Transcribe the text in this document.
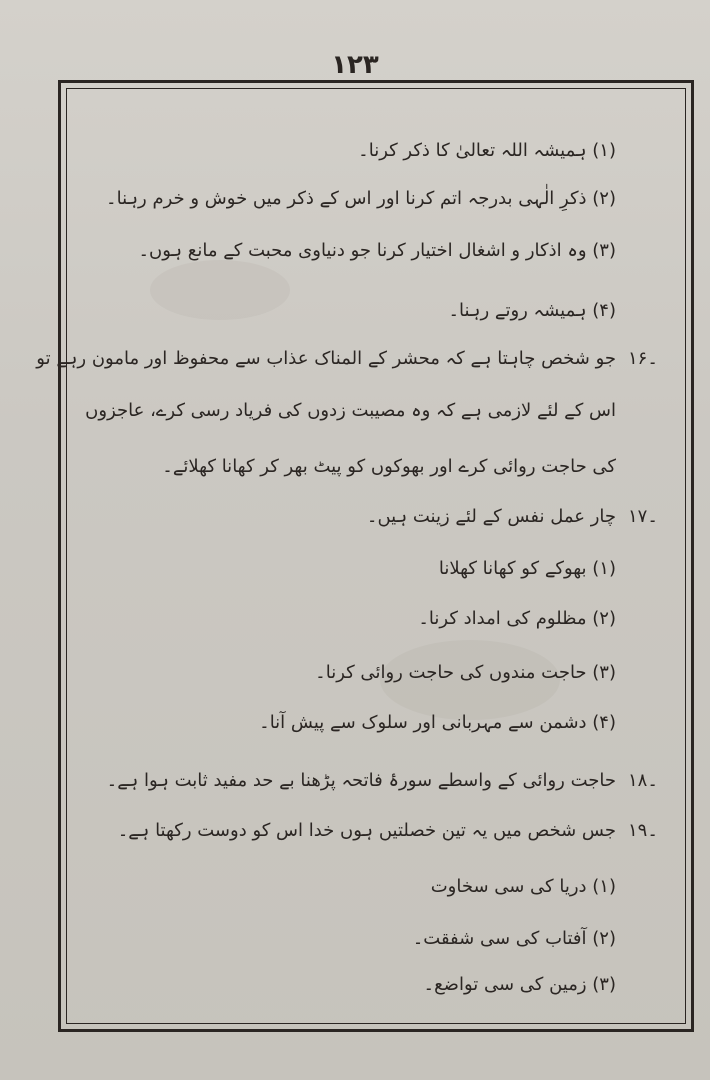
۱۲۳
(۱) ہمیشہ اللہ تعالیٰ کا ذکر کرنا۔
(۲) ذکرِ الٰہی بدرجہ اتم کرنا اور اس کے ذکر میں خوش و خرم رہنا۔
(۳) وہ اذکار و اشغال اختیار کرنا جو دنیاوی محبت کے مانع ہوں۔
(۴) ہمیشہ روتے رہنا۔
جو شخص چاہتا ہے کہ محشر کے المناک عذاب سے محفوظ اور مامون رہے تو
اس کے لئے لازمی ہے کہ وہ مصیبت زدوں کی فریاد رسی کرے، عاجزوں
کی حاجت روائی کرے اور بھوکوں کو پیٹ بھر کر کھانا کھلائے۔
چار عمل نفس کے لئے زینت ہیں۔
(۱) بھوکے کو کھانا کھلانا
(۲) مظلوم کی امداد کرنا۔
(۳) حاجت مندوں کی حاجت روائی کرنا۔
(۴) دشمن سے مہربانی اور سلوک سے پیش آنا۔
حاجت روائی کے واسطے سورۂ فاتحہ پڑھنا بے حد مفید ثابت ہوا ہے۔
جس شخص میں یہ تین خصلتیں ہوں خدا اس کو دوست رکھتا ہے۔
(۱) دریا کی سی سخاوت
(۲) آفتاب کی سی شفقت۔
(۳) زمین کی سی تواضع۔
۱۶۔
۱۷۔
۱۸۔
۱۹۔
